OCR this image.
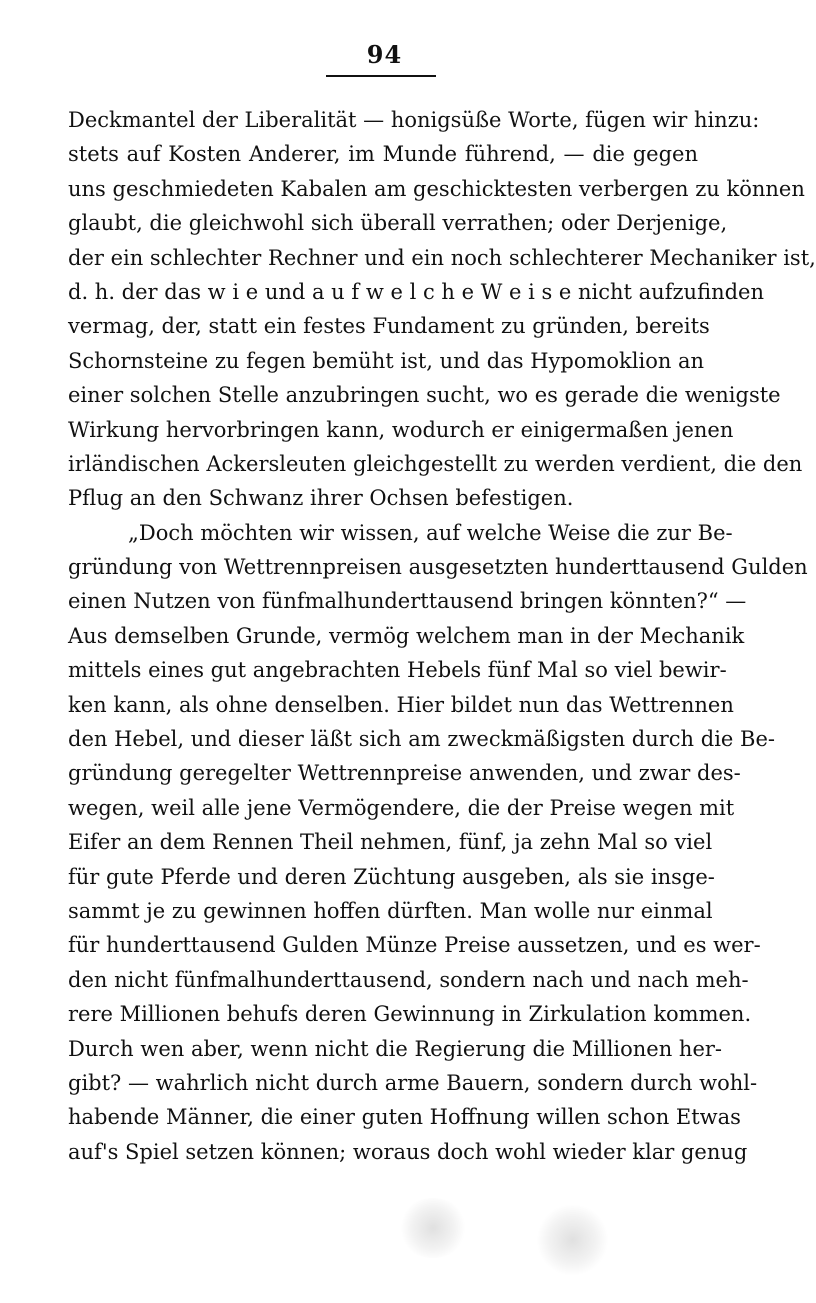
94
Deckmantel der Liberalität — honigsüße Worte, fügen wir hinzu:
stets auf Kosten Anderer, im Munde führend, — die gegen
uns geschmiedeten Kabalen am geschicktesten verbergen zu können
glaubt, die gleichwohl sich überall verrathen; oder Derjenige,
der ein schlechter Rechner und ein noch schlechterer Mechaniker ist,
d. h. der das w i e und a u f w e l c h e W e i s e nicht aufzufinden
vermag, der, statt ein festes Fundament zu gründen, bereits
Schornsteine zu fegen bemüht ist, und das Hypomoklion an
einer solchen Stelle anzubringen sucht, wo es gerade die wenigste
Wirkung hervorbringen kann, wodurch er einigermaßen jenen
irländischen Ackersleuten gleichgestellt zu werden verdient, die den
Pflug an den Schwanz ihrer Ochsen befestigen.
„Doch möchten wir wissen, auf welche Weise die zur Be-
gründung von Wettrennpreisen ausgesetzten hunderttausend Gulden
einen Nutzen von fünfmalhunderttausend bringen könnten?“ —
Aus demselben Grunde, vermög welchem man in der Mechanik
mittels eines gut angebrachten Hebels fünf Mal so viel bewir-
ken kann, als ohne denselben. Hier bildet nun das Wettrennen
den Hebel, und dieser läßt sich am zweckmäßigsten durch die Be-
gründung geregelter Wettrennpreise anwenden, und zwar des-
wegen, weil alle jene Vermögendere, die der Preise wegen mit
Eifer an dem Rennen Theil nehmen, fünf, ja zehn Mal so viel
für gute Pferde und deren Züchtung ausgeben, als sie insge-
sammt je zu gewinnen hoffen dürften. Man wolle nur einmal
für hunderttausend Gulden Münze Preise aussetzen, und es wer-
den nicht fünfmalhunderttausend, sondern nach und nach meh-
rere Millionen behufs deren Gewinnung in Zirkulation kommen.
Durch wen aber, wenn nicht die Regierung die Millionen her-
gibt? — wahrlich nicht durch arme Bauern, sondern durch wohl-
habende Männer, die einer guten Hoffnung willen schon Etwas
auf's Spiel setzen können; woraus doch wohl wieder klar genug
